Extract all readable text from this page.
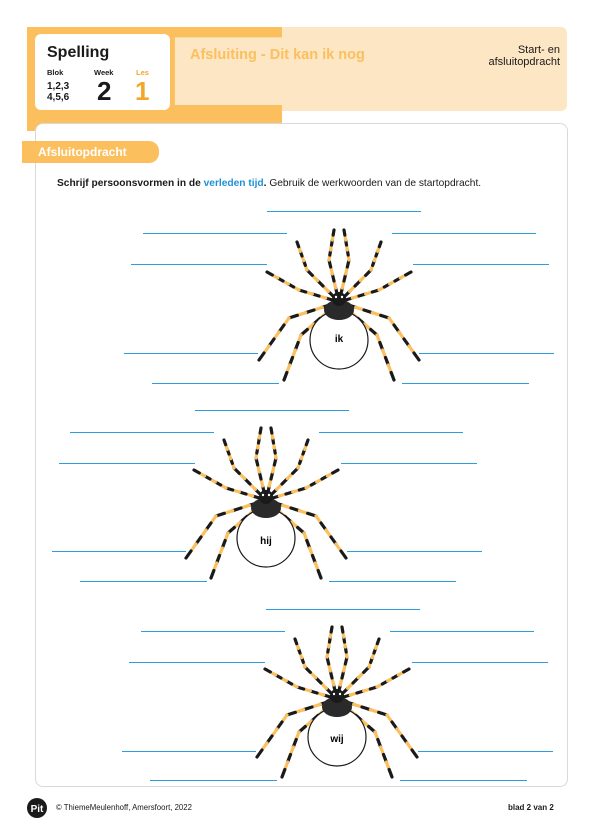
Spelling
Blok
1,2,3
4,5,6
Week
2
Les
1
Afsluiting - Dit kan ik nog	Start- en
afsluitopdracht
Afsluitopdracht
Schrijf persoonsvormen in de verleden tijd. Gebruik de werkwoorden van de startopdracht.
ik
hij
wij
Pit © ThiemeMeulenhoff, Amersfoort, 2022	blad 2 van 2
